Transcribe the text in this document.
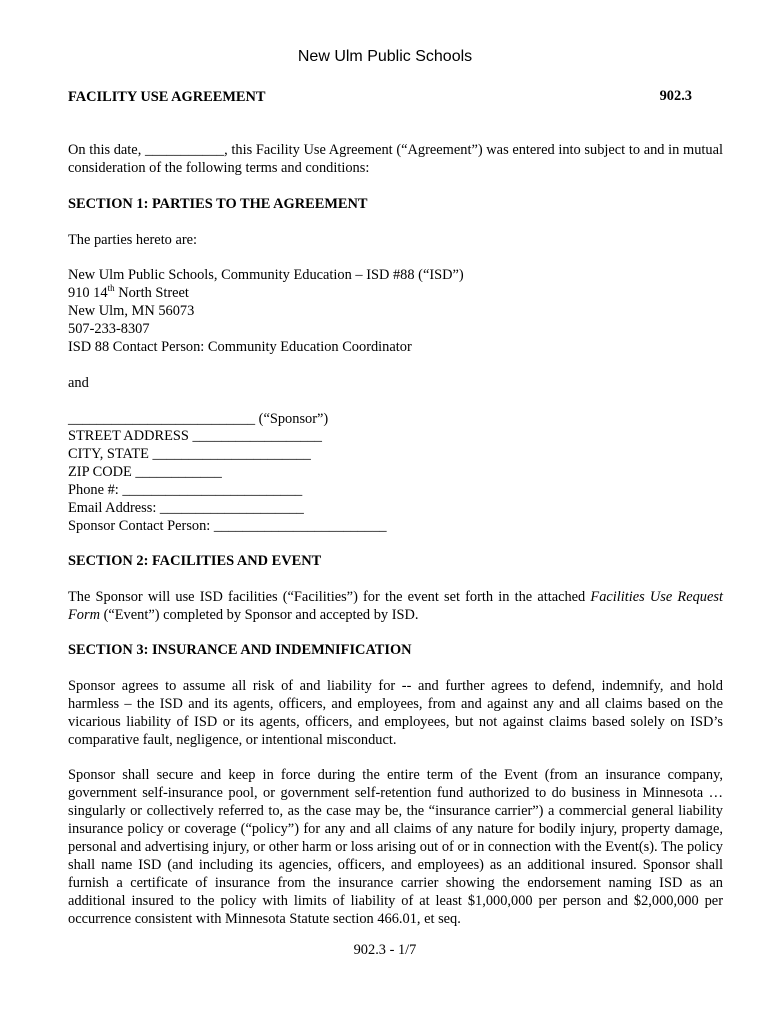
New Ulm Public Schools
FACILITY USE AGREEMENT	902.3
On this date, ___________, this Facility Use Agreement (“Agreement”) was entered into subject to and in mutual consideration of the following terms and conditions:
SECTION 1: PARTIES TO THE AGREEMENT
The parties hereto are:
New Ulm Public Schools, Community Education – ISD #88 (“ISD”)
910 14th North Street
New Ulm, MN 56073
507-233-8307
ISD 88 Contact Person: Community Education Coordinator
and
__________________________ (“Sponsor”)
STREET ADDRESS __________________
CITY, STATE ______________________
ZIP CODE ____________
Phone #: _________________________
Email Address: ____________________
Sponsor Contact Person: ________________________
SECTION 2: FACILITIES AND EVENT
The Sponsor will use ISD facilities (“Facilities”) for the event set forth in the attached Facilities Use Request Form (“Event”) completed by Sponsor and accepted by ISD.
SECTION 3: INSURANCE AND INDEMNIFICATION
Sponsor agrees to assume all risk of and liability for -- and further agrees to defend, indemnify, and hold harmless – the ISD and its agents, officers, and employees, from and against any and all claims based on the vicarious liability of ISD or its agents, officers, and employees, but not against claims based solely on ISD’s comparative fault, negligence, or intentional misconduct.
Sponsor shall secure and keep in force during the entire term of the Event (from an insurance company, government self-insurance pool, or government self-retention fund authorized to do business in Minnesota … singularly or collectively referred to, as the case may be, the “insurance carrier”) a commercial general liability insurance policy or coverage (“policy”) for any and all claims of any nature for bodily injury, property damage, personal and advertising injury, or other harm or loss arising out of or in connection with the Event(s). The policy shall name ISD (and including its agencies, officers, and employees) as an additional insured. Sponsor shall furnish a certificate of insurance from the insurance carrier showing the endorsement naming ISD as an additional insured to the policy with limits of liability of at least $1,000,000 per person and $2,000,000 per occurrence consistent with Minnesota Statute section 466.01, et seq.
902.3 - 1/7
